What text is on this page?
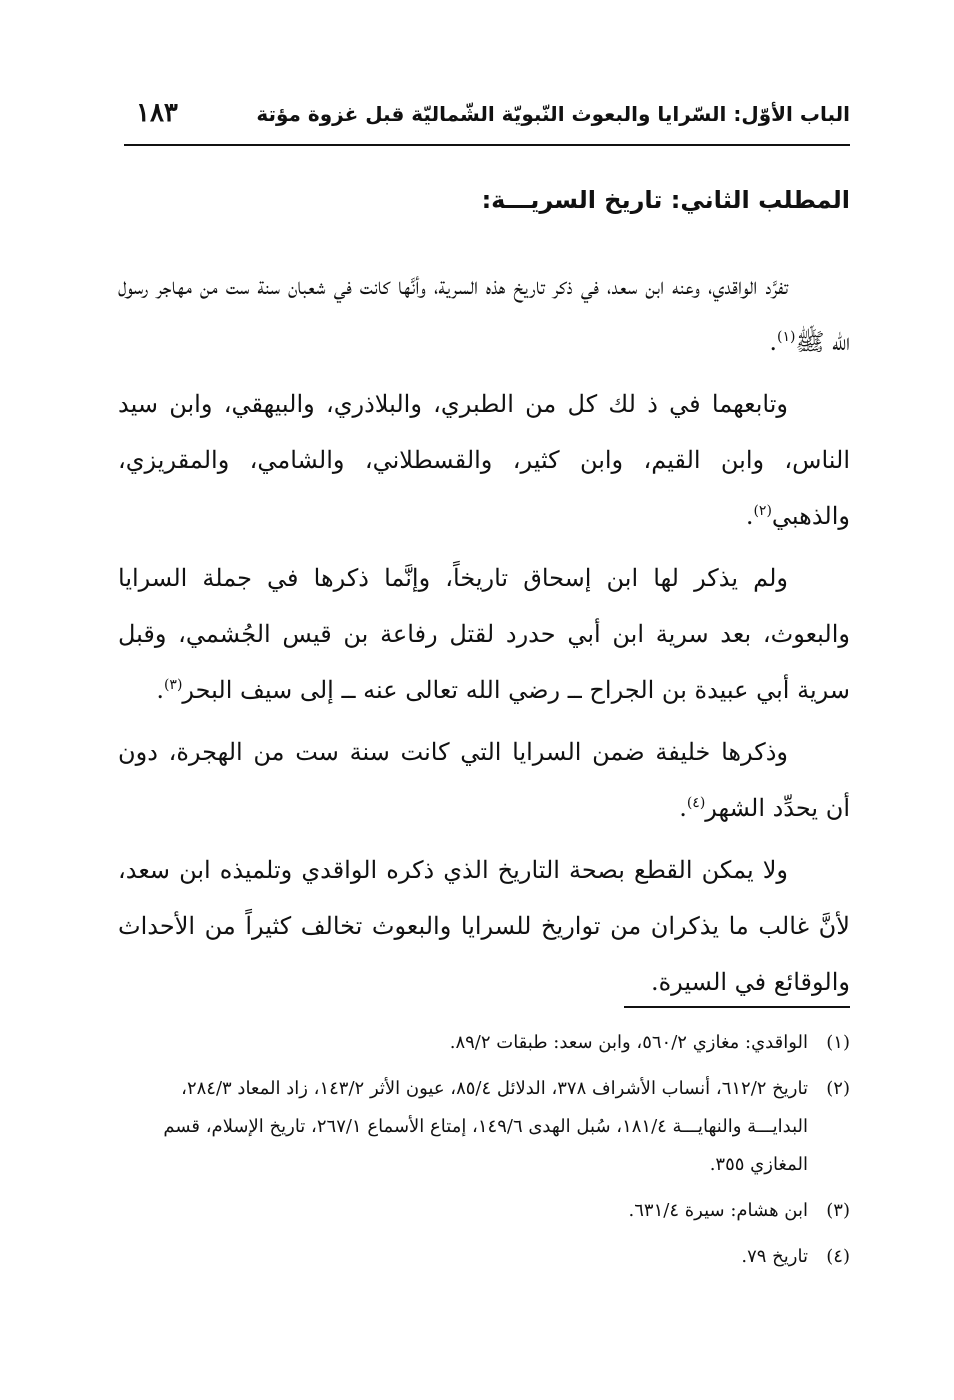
الباب الأوّل: السّرايا والبعوث النّبويّة الشّماليّة قبل غزوة مؤتة
١٨٣
المطلب الثاني: تاريخ السريـــة:

تفرَّد الواقدي، وعنه ابن سعد، في ذكر تاريخ هذه السرية، وأنَّها كانت في شعبان سنة ست من مهاجر رسول الله ﷺ$^{(١)}$.

وتابعهما في ذ لك كل من الطبري، والبلاذري، والبيهقي، وابن سيد الناس، وابن القيم، وابن كثير، والقسطلاني، والشامي، والمقريزي، والذهبي$^{(٢)}$.

ولم يذكر لها ابن إسحاق تاريخاً، وإنَّما ذكرها في جملة السرايا والبعوث، بعد سرية ابن أبي حدرد لقتل رفاعة بن قيس الجُشمي، وقبل سرية أبي عبيدة بن الجراح ــ رضي الله تعالى عنه ــ إلى سيف البحر$^{(٣)}$.

وذكرها خليفة ضمن السرايا التي كانت سنة ست من الهجرة، دون أن يحدِّد الشهر$^{(٤)}$.

ولا يمكن القطع بصحة التاريخ الذي ذكره الواقدي وتلميذه ابن سعد، لأنَّ غالب ما يذكران من تواريخ للسرايا والبعوث تخالف كثيراً من الأحداث والوقائع في السيرة.

(١)
الواقدي: مغازي ٥٦٠/٢، وابن سعد: طبقات ٨٩/٢.
(٢)
تاريخ ٦١٢/٢، أنساب الأشراف ٣٧٨، الدلائل ٨٥/٤، عيون الأثر ١٤٣/٢، زاد المعاد ٢٨٤/٣، البدايـــة والنهايـــة ١٨١/٤، سُبل الهدى ١٤٩/٦، إمتاع الأسماع ٢٦٧/١، تاريخ الإسلام، قسم المغازي ٣٥٥.
(٣)
ابن هشام: سيرة ٦٣١/٤.
(٤)
تاريخ ٧٩.
